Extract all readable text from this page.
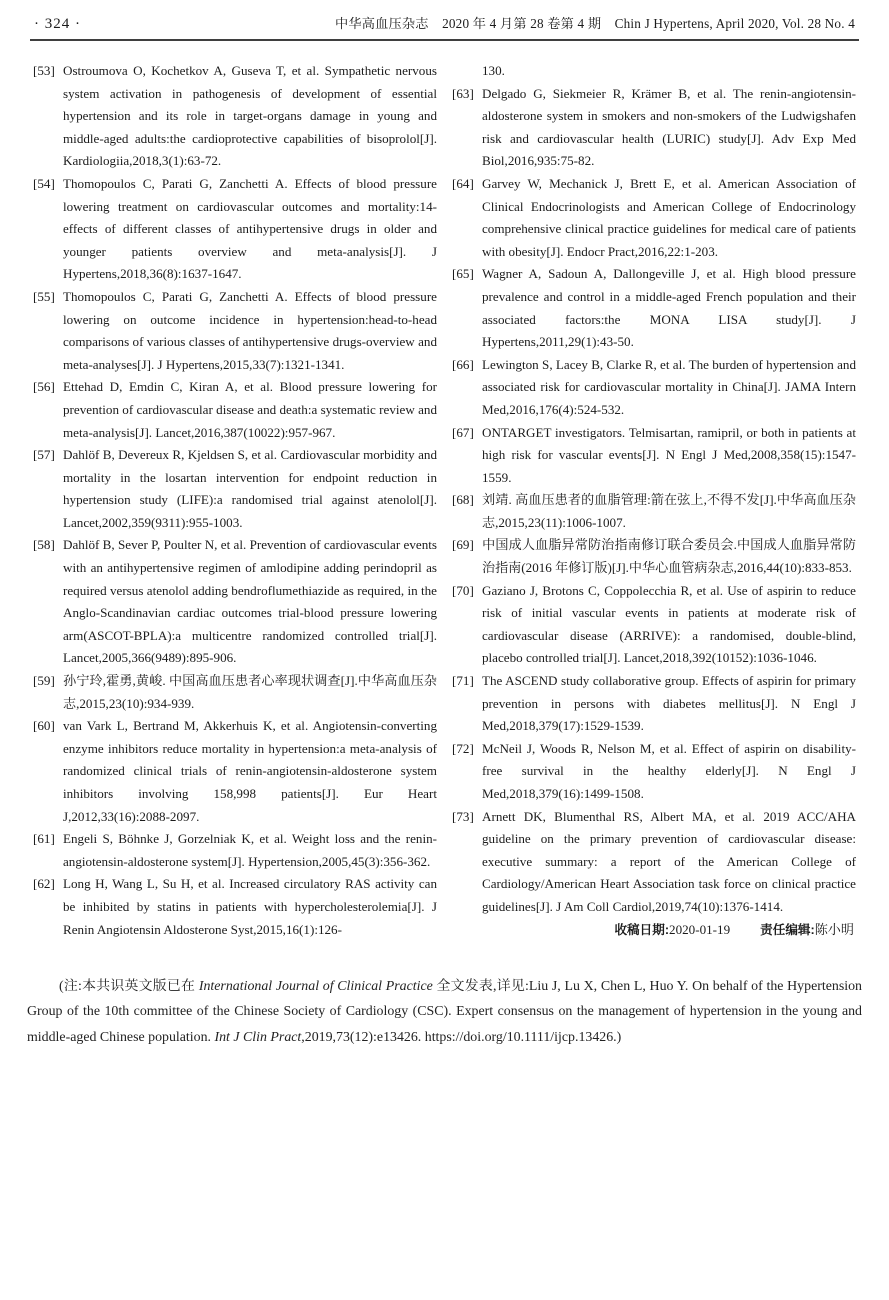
· 324 ·	中华高血压杂志　2020 年 4 月第 28 卷第 4 期　Chin J Hypertens, April 2020, Vol. 28 No. 4
[53] Ostroumova O, Kochetkov A, Guseva T, et al. Sympathetic nervous system activation in pathogenesis of development of essential hypertension and its role in target-organs damage in young and middle-aged adults:the cardioprotective capabilities of bisoprolol[J]. Kardiologiia,2018,3(1):63-72.
[54] Thomopoulos C, Parati G, Zanchetti A. Effects of blood pressure lowering treatment on cardiovascular outcomes and mortality:14-effects of different classes of antihypertensive drugs in older and younger patients overview and meta-analysis[J]. J Hypertens,2018,36(8):1637-1647.
[55] Thomopoulos C, Parati G, Zanchetti A. Effects of blood pressure lowering on outcome incidence in hypertension:head-to-head comparisons of various classes of antihypertensive drugs-overview and meta-analyses[J]. J Hypertens,2015,33(7):1321-1341.
[56] Ettehad D, Emdin C, Kiran A, et al. Blood pressure lowering for prevention of cardiovascular disease and death:a systematic review and meta-analysis[J]. Lancet,2016,387(10022):957-967.
[57] Dahlöf B, Devereux R, Kjeldsen S, et al. Cardiovascular morbidity and mortality in the losartan intervention for endpoint reduction in hypertension study (LIFE):a randomised trial against atenolol[J]. Lancet,2002,359(9311):955-1003.
[58] Dahlöf B, Sever P, Poulter N, et al. Prevention of cardiovascular events with an antihypertensive regimen of amlodipine adding perindopril as required versus atenolol adding bendroflumethiazide as required, in the Anglo-Scandinavian cardiac outcomes trial-blood pressure lowering arm(ASCOT-BPLA):a multicentre randomized controlled trial[J]. Lancet,2005,366(9489):895-906.
[59] 孙宁玲,霍勇,黄峻. 中国高血压患者心率现状调查[J].中华高血压杂志,2015,23(10):934-939.
[60] van Vark L, Bertrand M, Akkerhuis K, et al. Angiotensin-converting enzyme inhibitors reduce mortality in hypertension:a meta-analysis of randomized clinical trials of renin-angiotensin-aldosterone system inhibitors involving 158,998 patients[J]. Eur Heart J,2012,33(16):2088-2097.
[61] Engeli S, Böhnke J, Gorzelniak K, et al. Weight loss and the renin-angiotensin-aldosterone system[J]. Hypertension,2005,45(3):356-362.
[62] Long H, Wang L, Su H, et al. Increased circulatory RAS activity can be inhibited by statins in patients with hypercholesterolemia[J]. J Renin Angiotensin Aldosterone Syst,2015,16(1):126-
130.
[63] Delgado G, Siekmeier R, Krämer B, et al. The renin-angiotensin-aldosterone system in smokers and non-smokers of the Ludwigshafen risk and cardiovascular health (LURIC) study[J]. Adv Exp Med Biol,2016,935:75-82.
[64] Garvey W, Mechanick J, Brett E, et al. American Association of Clinical Endocrinologists and American College of Endocrinology comprehensive clinical practice guidelines for medical care of patients with obesity[J]. Endocr Pract,2016,22:1-203.
[65] Wagner A, Sadoun A, Dallongeville J, et al. High blood pressure prevalence and control in a middle-aged French population and their associated factors:the MONA LISA study[J]. J Hypertens,2011,29(1):43-50.
[66] Lewington S, Lacey B, Clarke R, et al. The burden of hypertension and associated risk for cardiovascular mortality in China[J]. JAMA Intern Med,2016,176(4):524-532.
[67] ONTARGET investigators. Telmisartan, ramipril, or both in patients at high risk for vascular events[J]. N Engl J Med,2008,358(15):1547-1559.
[68] 刘靖. 高血压患者的血脂管理:箭在弦上,不得不发[J].中华高血压杂志,2015,23(11):1006-1007.
[69] 中国成人血脂异常防治指南修订联合委员会.中国成人血脂异常防治指南(2016 年修订版)[J].中华心血管病杂志,2016,44(10):833-853.
[70] Gaziano J, Brotons C, Coppolecchia R, et al. Use of aspirin to reduce risk of initial vascular events in patients at moderate risk of cardiovascular disease (ARRIVE): a randomised, double-blind, placebo controlled trial[J]. Lancet,2018,392(10152):1036-1046.
[71] The ASCEND study collaborative group. Effects of aspirin for primary prevention in persons with diabetes mellitus[J]. N Engl J Med,2018,379(17):1529-1539.
[72] McNeil J, Woods R, Nelson M, et al. Effect of aspirin on disability-free survival in the healthy elderly[J]. N Engl J Med,2018,379(16):1499-1508.
[73] Arnett DK, Blumenthal RS, Albert MA, et al. 2019 ACC/AHA guideline on the primary prevention of cardiovascular disease: executive summary: a report of the American College of Cardiology/American Heart Association task force on clinical practice guidelines[J]. J Am Coll Cardiol,2019,74(10):1376-1414.
收稿日期:2020-01-19 责任编辑:陈小明

(注:本共识英文版已在 International Journal of Clinical Practice 全文发表,详见:Liu J, Lu X, Chen L, Huo Y. On behalf of the Hypertension Group of the 10th committee of the Chinese Society of Cardiology (CSC). Expert consensus on the management of hypertension in the young and middle-aged Chinese population. Int J Clin Pract,2019,73(12):e13426. https://doi.org/10.1111/ijcp.13426.)
